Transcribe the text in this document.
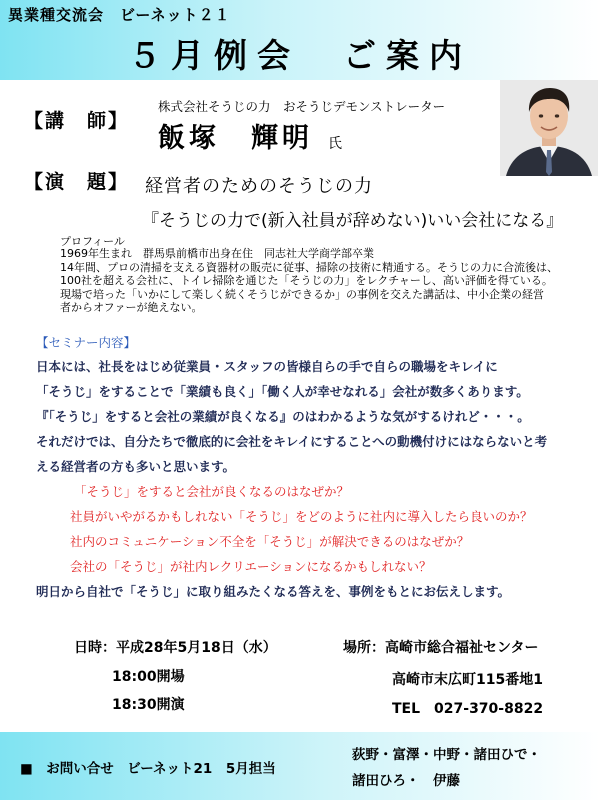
異業種交流会　ビーネット２１
５月例会　ご案内
【講　師】
株式会社そうじの力　おそうじデモンストレーター
飯塚　輝明 氏
【演　題】 経営者のためのそうじの力
『そうじの力で(新入社員が辞めない)いい会社になる』
プロフィール
1969年生まれ　群馬県前橋市出身在住　同志社大学商学部卒業
14年間、プロの清掃を支える資器材の販売に従事、掃除の技術に精通する。そうじの力に合流後は、
100社を超える会社に、トイレ掃除を通じた「そうじの力」をレクチャーし、高い評価を得ている。
現場で培った「いかにして楽しく続くそうじができるか」の事例を交えた講話は、中小企業の経営
者からオファーが絶えない。
【セミナー内容】
日本には、社長をはじめ従業員・スタッフの皆様自らの手で自らの職場をキレイに
「そうじ」をすることで「業績も良く」「働く人が幸せなれる」会社が数多くあります。
『「そうじ」をすると会社の業績が良くなる』のはわかるような気がするけれど・・・。
それだけでは、自分たちで徹底的に会社をキレイにすることへの動機付けにはならないと考
える経営者の方も多いと思います。
「そうじ」をすると会社が良くなるのはなぜか？
社員がいやがるかもしれない「そうじ」をどのように社内に導入したら良いのか？
社内のコミュニケーション不全を「そうじ」が解決できるのはなぜか？
会社の「そうじ」が社内レクリエーションになるかもしれない？
明日から自社で「そうじ」に取り組みたくなる答えを、事例をもとにお伝えします。
日時：平成28年5月18日（水）
18:00開場
18:30開演
場所：高崎市総合福祉センター
高崎市末広町115番地1
TEL　027-370-8822
■　お問い合せ　ビーネット21　5月担当
荻野・富澤・中野・諸田ひで・
諸田ひろ・　伊藤
